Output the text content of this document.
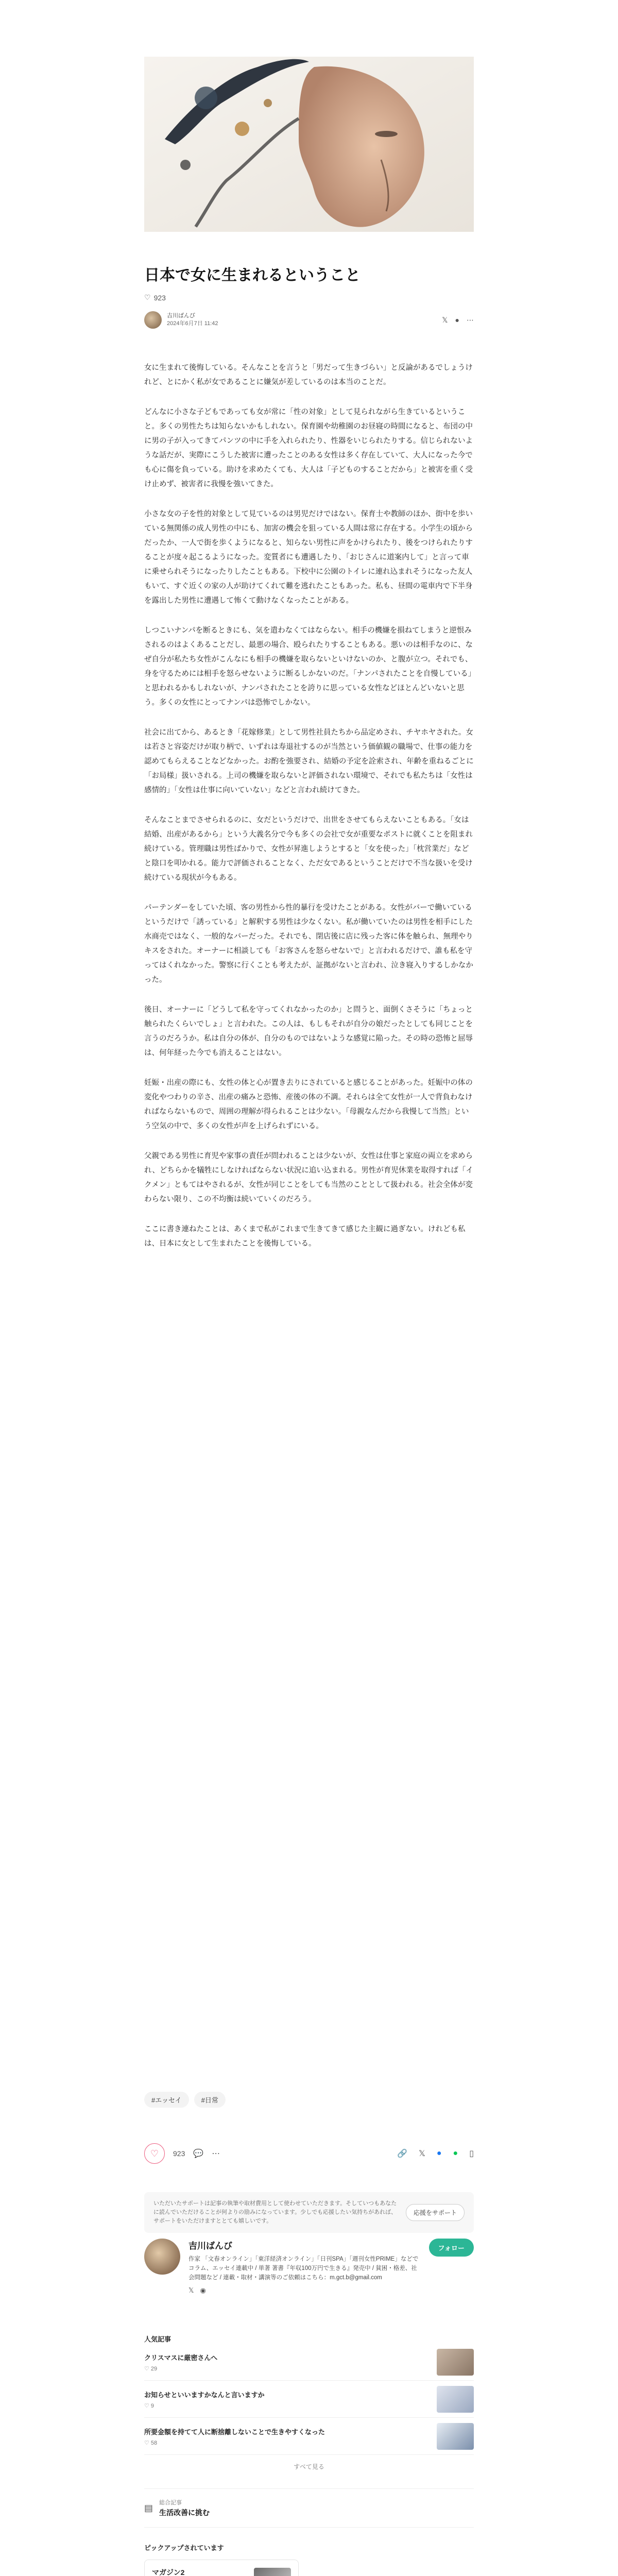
日本で女に生まれるということ
♡ 923
吉川ばんび
2024年6月7日 11:42	𝕏 ● ⋯

女に生まれて後悔している。そんなことを言うと「男だって生きづらい」と反論があるでしょうけれど、とにかく私が女であることに嫌気が差しているのは本当のことだ。

どんなに小さな子どもであっても女が常に「性の対象」として見られながら生きているということ。多くの男性たちは知らないかもしれない。保育園や幼稚園のお昼寝の時間になると、布団の中に男の子が入ってきてパンツの中に手を入れられたり、性器をいじられたりする。信じられないような話だが、実際にこうした被害に遭ったことのある女性は多く存在していて、大人になった今でも心に傷を負っている。助けを求めたくても、大人は「子どものすることだから」と被害を重く受け止めず、被害者に我慢を強いてきた。

小さな女の子を性的対象として見ているのは男児だけではない。保育士や教師のほか、街中を歩いている無関係の成人男性の中にも、加害の機会を狙っている人間は常に存在する。小学生の頃からだったか、一人で街を歩くようになると、知らない男性に声をかけられたり、後をつけられたりすることが度々起こるようになった。変質者にも遭遇したり、「おじさんに道案内して」と言って車に乗せられそうになったりしたこともある。下校中に公園のトイレに連れ込まれそうになった友人もいて、すぐ近くの家の人が助けてくれて難を逃れたこともあった。私も、昼間の電車内で下半身を露出した男性に遭遇して怖くて動けなくなったことがある。

しつこいナンパを断るときにも、気を遣わなくてはならない。相手の機嫌を損ねてしまうと逆恨みされるのはよくあることだし、最悪の場合、殴られたりすることもある。悪いのは相手なのに、なぜ自分が私たち女性がこんなにも相手の機嫌を取らないといけないのか、と腹が立つ。それでも、身を守るためには相手を怒らせないように断るしかないのだ。「ナンパされたことを自慢している」と思われるかもしれないが、ナンパされたことを誇りに思っている女性などほとんどいないと思う。多くの女性にとってナンパは恐怖でしかない。

社会に出てから、あるとき「花嫁修業」として男性社員たちから品定めされ、チヤホヤされた。女は若さと容姿だけが取り柄で、いずれは寿退社するのが当然という価値観の職場で、仕事の能力を認めてもらえることなどなかった。お酌を強要され、結婚の予定を詮索され、年齢を重ねるごとに「お局様」扱いされる。上司の機嫌を取らないと評価されない環境で、それでも私たちは「女性は感情的」「女性は仕事に向いていない」などと言われ続けてきた。

そんなことまでさせられるのに、女だというだけで、出世をさせてもらえないこともある。「女は結婚、出産があるから」という大義名分で今も多くの会社で女が重要なポストに就くことを阻まれ続けている。管理職は男性ばかりで、女性が昇進しようとすると「女を使った」「枕営業だ」などと陰口を叩かれる。能力で評価されることなく、ただ女であるということだけで不当な扱いを受け続けている現状が今もある。

パーテンダーをしていた頃、客の男性から性的暴行を受けたことがある。女性がバーで働いているというだけで「誘っている」と解釈する男性は少なくない。私が働いていたのは男性を相手にした水商売ではなく、一般的なバーだった。それでも、閉店後に店に残った客に体を触られ、無理やりキスをされた。オーナーに相談しても「お客さんを怒らせないで」と言われるだけで、誰も私を守ってはくれなかった。警察に行くことも考えたが、証拠がないと言われ、泣き寝入りするしかなかった。

後日、オーナーに「どうして私を守ってくれなかったのか」と問うと、面倒くさそうに「ちょっと触られたくらいでしょ」と言われた。この人は、もしもそれが自分の娘だったとしても同じことを言うのだろうか。私は自分の体が、自分のものではないような感覚に陥った。その時の恐怖と屈辱は、何年経った今でも消えることはない。

妊娠・出産の際にも、女性の体と心が置き去りにされていると感じることがあった。妊娠中の体の変化やつわりの辛さ、出産の痛みと恐怖、産後の体の不調。それらは全て女性が一人で背負わなければならないもので、周囲の理解が得られることは少ない。「母親なんだから我慢して当然」という空気の中で、多くの女性が声を上げられずにいる。

父親である男性に育児や家事の責任が問われることは少ないが、女性は仕事と家庭の両立を求められ、どちらかを犠牲にしなければならない状況に追い込まれる。男性が育児休業を取得すれば「イクメン」ともてはやされるが、女性が同じことをしても当然のこととして扱われる。社会全体が変わらない限り、この不均衡は続いていくのだろう。

ここに書き連ねたことは、あくまで私がこれまで生きてきて感じた主観に過ぎない。けれども私は、日本に女として生まれたことを後悔している。

#エッセイ	#日常
♡ 923 💬 ⋯	🔗 𝕏 ● ● ▯
いただいたサポートは記事の執筆や取材費用として使わせていただきます。そしていつもあなたに読んでいただけることが何よりの励みになっています。少しでも応援したい気持ちがあれば、サポートをいただけますととても嬉しいです。
応援をサポート
吉川ばんび
作家 「文春オンライン」「東洋経済オンライン」「日刊SPA」「週刊女性PRIME」などでコラム、エッセイ連載中 / 単著 著書『年収100万円で生きる』発売中 / 貧困・格差、社会問題など / 連載・取材・講演等のご依頼はこちら：m.gct.b@gmail.com
𝕏 ◉
フォロー
人気記事
クリスマスに厳密さんへ
♡ 29
お知らせといいますかなんと言いますか
♡ 9
所要金額を持てて人に断捨離しないことで生きやすくなった
♡ 58
すべて見る
▤ 総合記事
生活改善に挑む
ピックアップされています
マガジン2
